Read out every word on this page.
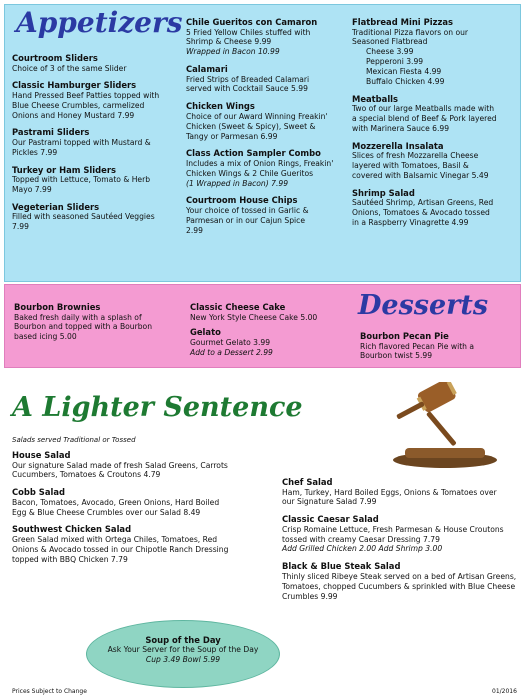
Appetizers
Courtroom Sliders

Choice of 3 of the same Slider

Classic Hamburger Sliders

Hand Pressed Beef Patties topped with

Blue Cheese Crumbles, carmelized

Onions and Honey Mustard 7.99

Pastrami Sliders

Our Pastrami topped with Mustard &

Pickles 7.99

Turkey or Ham Sliders

Topped with Lettuce, Tomato & Herb

Mayo 7.99

Vegeterian Sliders

Filled with seasoned Sautéed Veggies

7.99

Chile Gueritos con Camaron

5 Fried Yellow Chiles stuffed with

Shrimp & Cheese 9.99

Wrapped in Bacon 10.99

Calamari

Fried Strips of Breaded Calamari

served with Cocktail Sauce 5.99

Chicken Wings

Choice of our Award Winning Freakin'

Chicken (Sweet & Spicy), Sweet &

Tangy or Parmesan 6.99

Class Action Sampler Combo

Includes a mix of Onion Rings, Freakin'

Chicken Wings & 2 Chile Gueritos

(1 Wrapped in Bacon) 7.99

Courtroom House Chips

Your choice of tossed in Garlic &

Parmesan or in our Cajun Spice

2.99

Flatbread Mini Pizzas

Traditional Pizza flavors on our

Seasoned Flatbread

Cheese 3.99

Pepperoni 3.99

Mexican Fiesta 4.99

Buffalo Chicken 4.99

Meatballs

Two of our large Meatballs made with

a special blend of Beef & Pork layered

with Marinera Sauce 6.99

Mozzerella Insalata

Slices of fresh Mozzarella Cheese

layered with Tomatoes, Basil &

covered with Balsamic Vinegar 5.49

Shrimp Salad

Sautéed Shrimp, Artisan Greens, Red

Onions, Tomatoes & Avocado tossed

in a Raspberry Vinagrette 4.99

Desserts
Bourbon Brownies

Baked fresh daily with a splash of

Bourbon and topped with a Bourbon

based icing 5.00

Classic Cheese Cake

New York Style Cheese Cake 5.00

Gelato

Gourmet Gelato 3.99

Add to a Dessert 2.99

Bourbon Pecan Pie

Rich flavored Pecan Pie with a

Bourbon twist 5.99

A Lighter Sentence
Salads served Traditional or Tossed
House Salad

Our signature Salad made of fresh Salad Greens, Carrots

Cucumbers, Tomatoes & Croutons 4.79

Cobb Salad

Bacon, Tomatoes, Avocado, Green Onions, Hard Boiled

Egg & Blue Cheese Crumbles over our Salad 8.49

Southwest Chicken Salad

Green Salad mixed with Ortega Chiles, Tomatoes, Red

Onions & Avocado tossed in our Chipotle Ranch Dressing

topped with BBQ Chicken 7.79

Chef Salad

Ham, Turkey, Hard Boiled Eggs, Onions & Tomatoes over

our Signature Salad 7.99

Classic Caesar Salad

Crisp Romaine Lettuce, Fresh Parmesan & House Croutons

tossed with creamy Caesar Dressing 7.79

Add Grilled Chicken 2.00 Add Shrimp 3.00

Black & Blue Steak Salad

Thinly sliced Ribeye Steak served on a bed of Artisan Greens,

Tomatoes, chopped Cucumbers & sprinkled with Blue Cheese

Crumbles 9.99

Soup of the Day

Ask Your Server for the Soup of the Day

Cup 3.49 Bowl 5.99

Prices Subject to Change	01/2016
